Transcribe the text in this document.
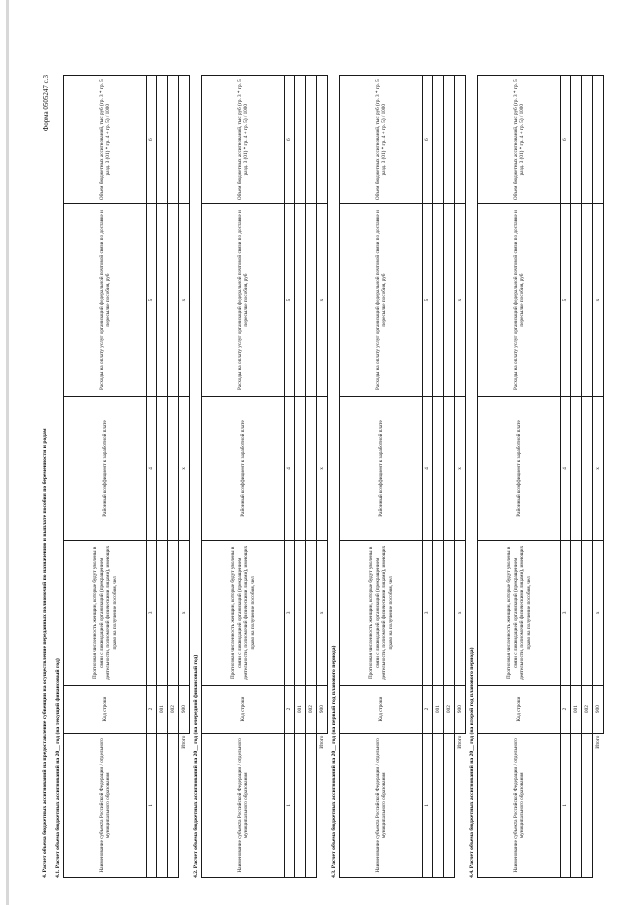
Форма 0505247 с.3
4. Расчет объема бюджетных ассигнований на предоставление субвенции на осуществление переданных полномочий по назначению и выплате пособия по беременности и родам 4.1. Расчет объема бюджетных ассигнований на 20__ год (на текущий финансовый год)	Наименование субъекта Российской Федерации / отдельного муниципального образования	Код строки	Прогнозная численность женщин, которые будут уволены в связи с ликвидацией организаций (прекращением деятельности, полномочий физическими лицами), имеющих право на получение пособия, чел	Районный коэффициент к заработной плате	Расходы на оплату услуг организаций федеральной почтовой связи по доставке и пересылке пособия, руб	Объем бюджетных ассигнований, тыс руб (гр. 3 * гр. 5 разд. 3 (01) * гр. 4 + гр. 5) / 1000
1	2	3	4	5	6
	001				
	002				
Итого	900	x	x	x	
4.2. Расчет объема бюджетных ассигнований на 20__ год (на очередной финансовый год)	Наименование субъекта Российской Федерации / отдельного муниципального образования	Код строки	Прогнозная численность женщин, которые будут уволены в связи с ликвидацией организаций (прекращением деятельности, полномочий физическими лицами), имеющих право на получение пособия, чел	Районный коэффициент к заработной плате	Расходы на оплату услуг организаций федеральной почтовой связи по доставке и пересылке пособия, руб	Объем бюджетных ассигнований, тыс руб (гр. 3 * гр. 5 разд. 3 (01) * гр. 4 + гр. 5) / 1000
1	2	3	4	5	6
	001				
	002				
Итого	900	x	x	x	
4.3. Расчет объема бюджетных ассигнований на 20__ год (на первый год планового периода)	Наименование субъекта Российской Федерации / отдельного муниципального образования	Код строки	Прогнозная численность женщин, которые будут уволены в связи с ликвидацией организаций (прекращением деятельности, полномочий физическими лицами), имеющих право на получение пособия, чел	Районный коэффициент к заработной плате	Расходы на оплату услуг организаций федеральной почтовой связи по доставке и пересылке пособия, руб	Объем бюджетных ассигнований, тыс руб (гр. 3 * гр. 5 разд. 3 (01) * гр. 4 + гр. 5) / 1000
1	2	3	4	5	6
	001				
	002				
Итого	900	x	x	x	
4.4. Расчет объема бюджетных ассигнований на 20__ год (на второй год планового периода)	Наименование субъекта Российской Федерации / отдельного муниципального образования	Код строки	Прогнозная численность женщин, которые будут уволены в связи с ликвидацией организаций (прекращением деятельности, полномочий физическими лицами), имеющих право на получение пособия, чел	Районный коэффициент к заработной плате	Расходы на оплату услуг организаций федеральной почтовой связи по доставке и пересылке пособия, руб	Объем бюджетных ассигнований, тыс руб (гр. 3 * гр. 5 разд. 3 (01) * гр. 4 + гр. 5) / 1000
1	2	3	4	5	6
	001				
	002				
Итого	900	x	x	x	
